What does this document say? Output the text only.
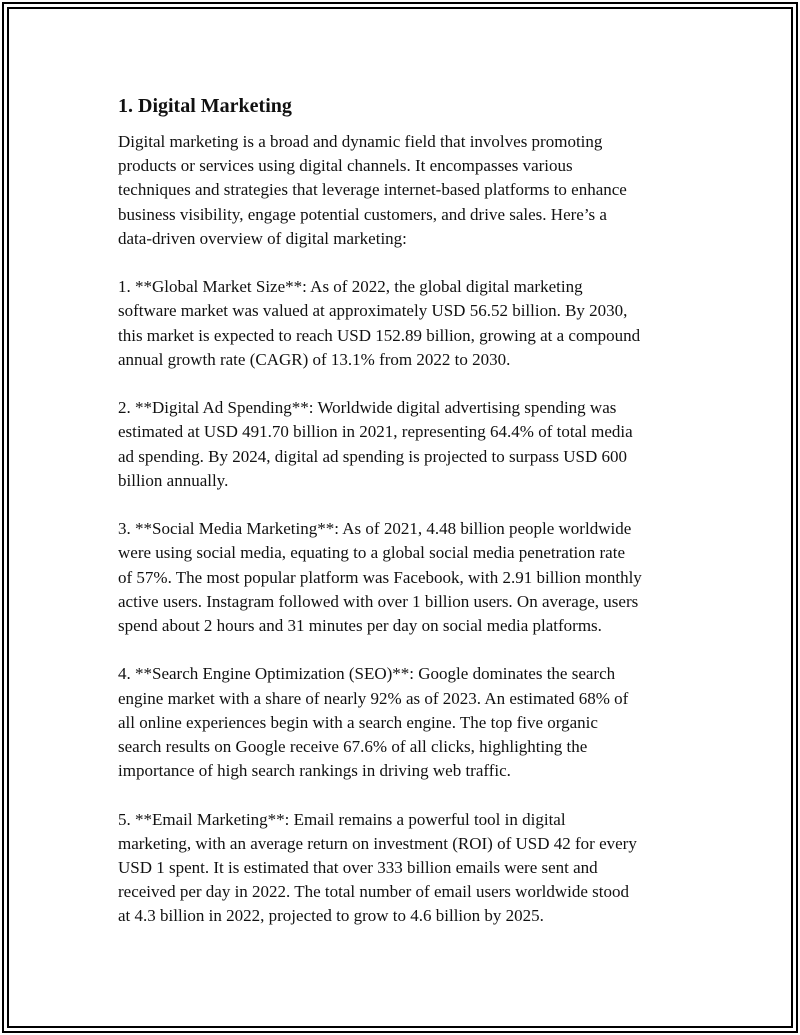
1. Digital Marketing

Digital marketing is a broad and dynamic field that involves promoting
products or services using digital channels. It encompasses various
techniques and strategies that leverage internet-based platforms to enhance
business visibility, engage potential customers, and drive sales. Here’s a
data-driven overview of digital marketing:

1. **Global Market Size**: As of 2022, the global digital marketing
software market was valued at approximately USD 56.52 billion. By 2030,
this market is expected to reach USD 152.89 billion, growing at a compound
annual growth rate (CAGR) of 13.1% from 2022 to 2030.

2. **Digital Ad Spending**: Worldwide digital advertising spending was
estimated at USD 491.70 billion in 2021, representing 64.4% of total media
ad spending. By 2024, digital ad spending is projected to surpass USD 600
billion annually.

3. **Social Media Marketing**: As of 2021, 4.48 billion people worldwide
were using social media, equating to a global social media penetration rate
of 57%. The most popular platform was Facebook, with 2.91 billion monthly
active users. Instagram followed with over 1 billion users. On average, users
spend about 2 hours and 31 minutes per day on social media platforms.

4. **Search Engine Optimization (SEO)**: Google dominates the search
engine market with a share of nearly 92% as of 2023. An estimated 68% of
all online experiences begin with a search engine. The top five organic
search results on Google receive 67.6% of all clicks, highlighting the
importance of high search rankings in driving web traffic.

5. **Email Marketing**: Email remains a powerful tool in digital
marketing, with an average return on investment (ROI) of USD 42 for every
USD 1 spent. It is estimated that over 333 billion emails were sent and
received per day in 2022. The total number of email users worldwide stood
at 4.3 billion in 2022, projected to grow to 4.6 billion by 2025.
